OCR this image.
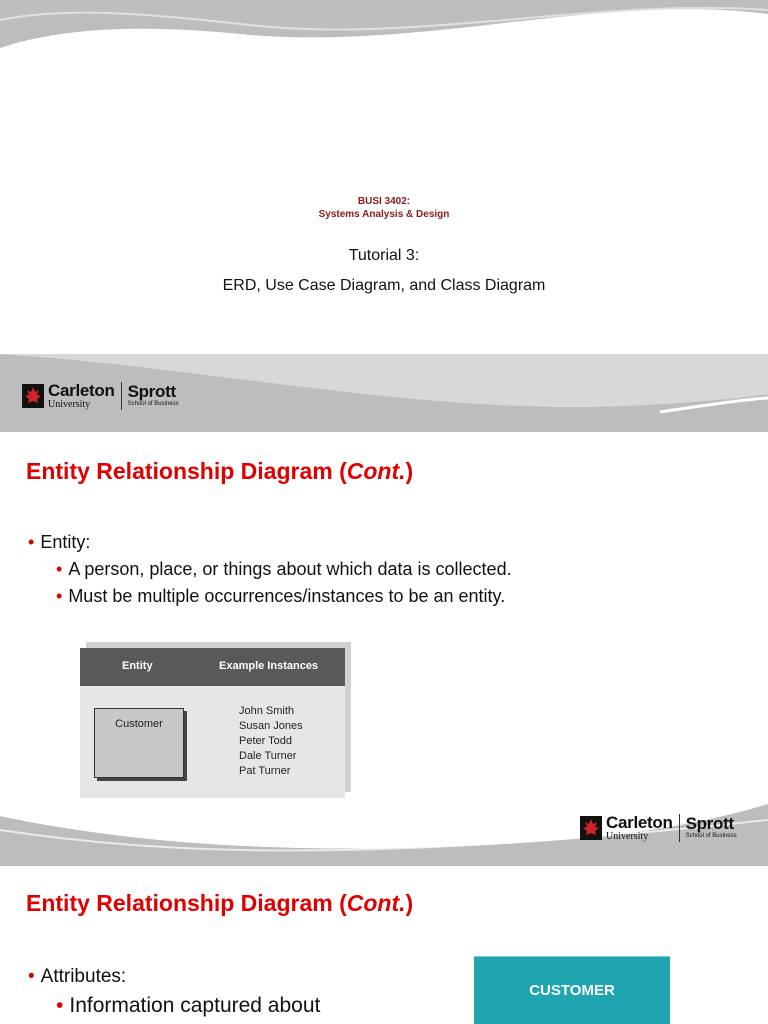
BUSI 3402:
Systems Analysis & Design
Tutorial 3:
ERD, Use Case Diagram, and Class Diagram
Carleton
University
Sprott
School of Business
Entity Relationship Diagram (Cont.)
• Entity:
• A person, place, or things about which data is collected.
• Must be multiple occurrences/instances to be an entity.
Entity	Example Instances
Customer
John Smith
Susan Jones
Peter Todd
Dale Turner
Pat Turner
Carleton
University
Sprott
School of Business
Entity Relationship Diagram (Cont.)
• Attributes:
• Information captured about
CUSTOMER
